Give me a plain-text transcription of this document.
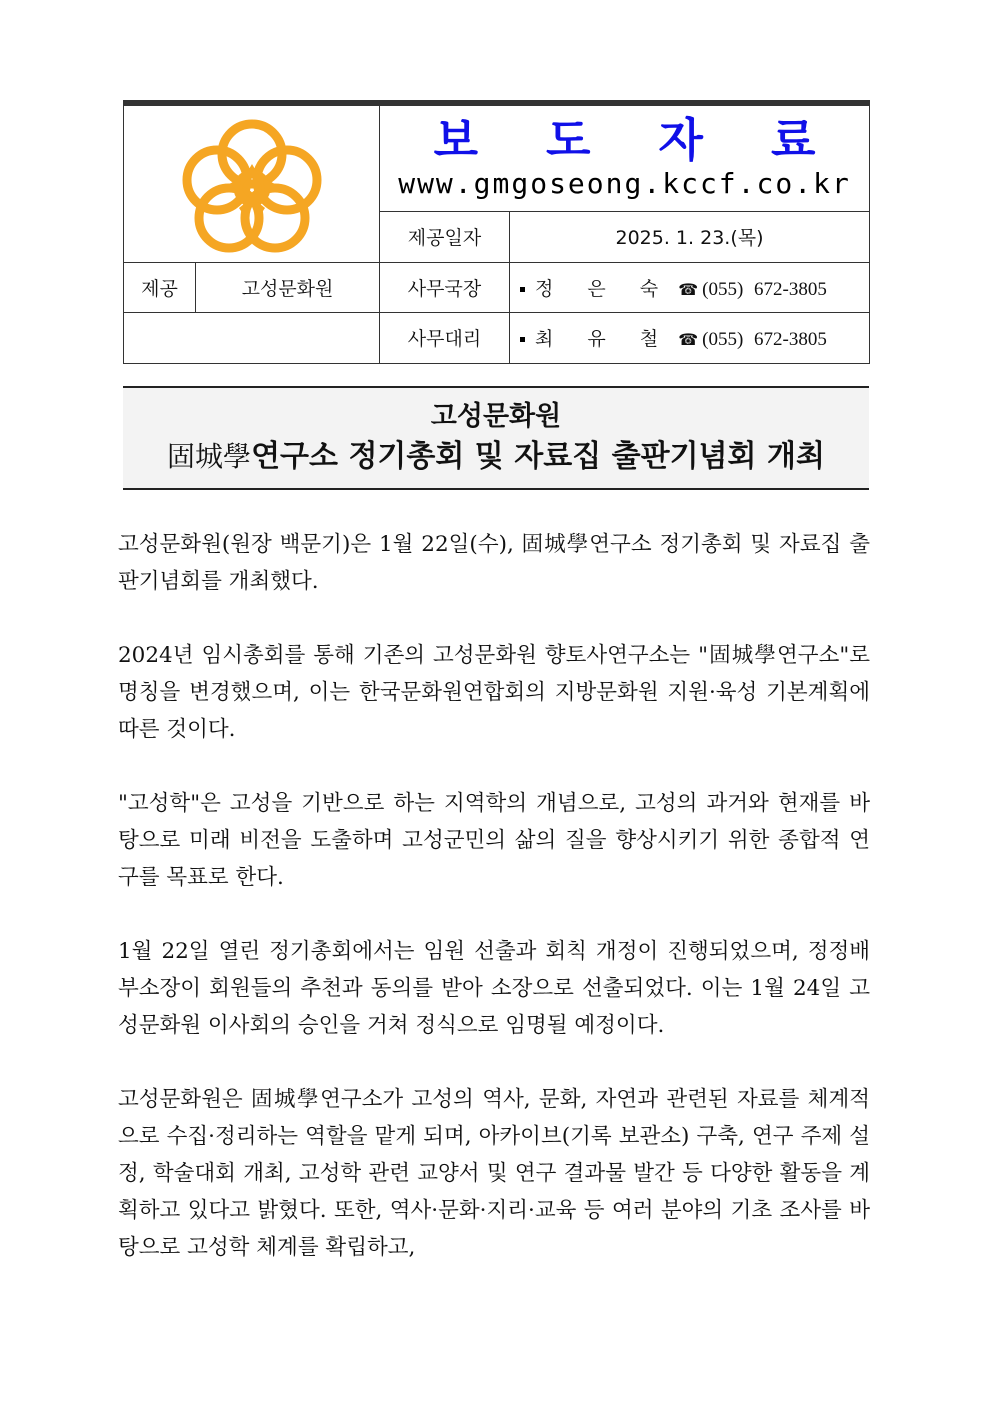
보 도 자 료
www.gmgoseong.kccf.co.kr	

		제공일자	2025. 1. 23.(목)
제공	고성문화원	사무국장	정 은 숙 ☎ (055) 672-3805
		사무대리	최 유 철 ☎ (055) 672-3805
고성문화원
固城學연구소 정기총회 및 자료집 출판기념회 개최

고성문화원(원장 백문기)은 1월 22일(수), 固城學연구소 정기총회 및 자료집 출판기념회를 개최했다.

2024년 임시총회를 통해 기존의 고성문화원 향토사연구소는 "固城學연구소"로 명칭을 변경했으며, 이는 한국문화원연합회의 지방문화원 지원·육성 기본계획에 따른 것이다.

"고성학"은 고성을 기반으로 하는 지역학의 개념으로, 고성의 과거와 현재를 바탕으로 미래 비전을 도출하며 고성군민의 삶의 질을 향상시키기 위한 종합적 연구를 목표로 한다.

1월 22일 열린 정기총회에서는 임원 선출과 회칙 개정이 진행되었으며, 정정배 부소장이 회원들의 추천과 동의를 받아 소장으로 선출되었다. 이는 1월 24일 고성문화원 이사회의 승인을 거쳐 정식으로 임명될 예정이다.

고성문화원은 固城學연구소가 고성의 역사, 문화, 자연과 관련된 자료를 체계적으로 수집·정리하는 역할을 맡게 되며, 아카이브(기록 보관소) 구축, 연구 주제 설정, 학술대회 개최, 고성학 관련 교양서 및 연구 결과물 발간 등 다양한 활동을 계획하고 있다고 밝혔다. 또한, 역사·문화·지리·교육 등 여러 분야의 기초 조사를 바탕으로 고성학 체계를 확립하고,
